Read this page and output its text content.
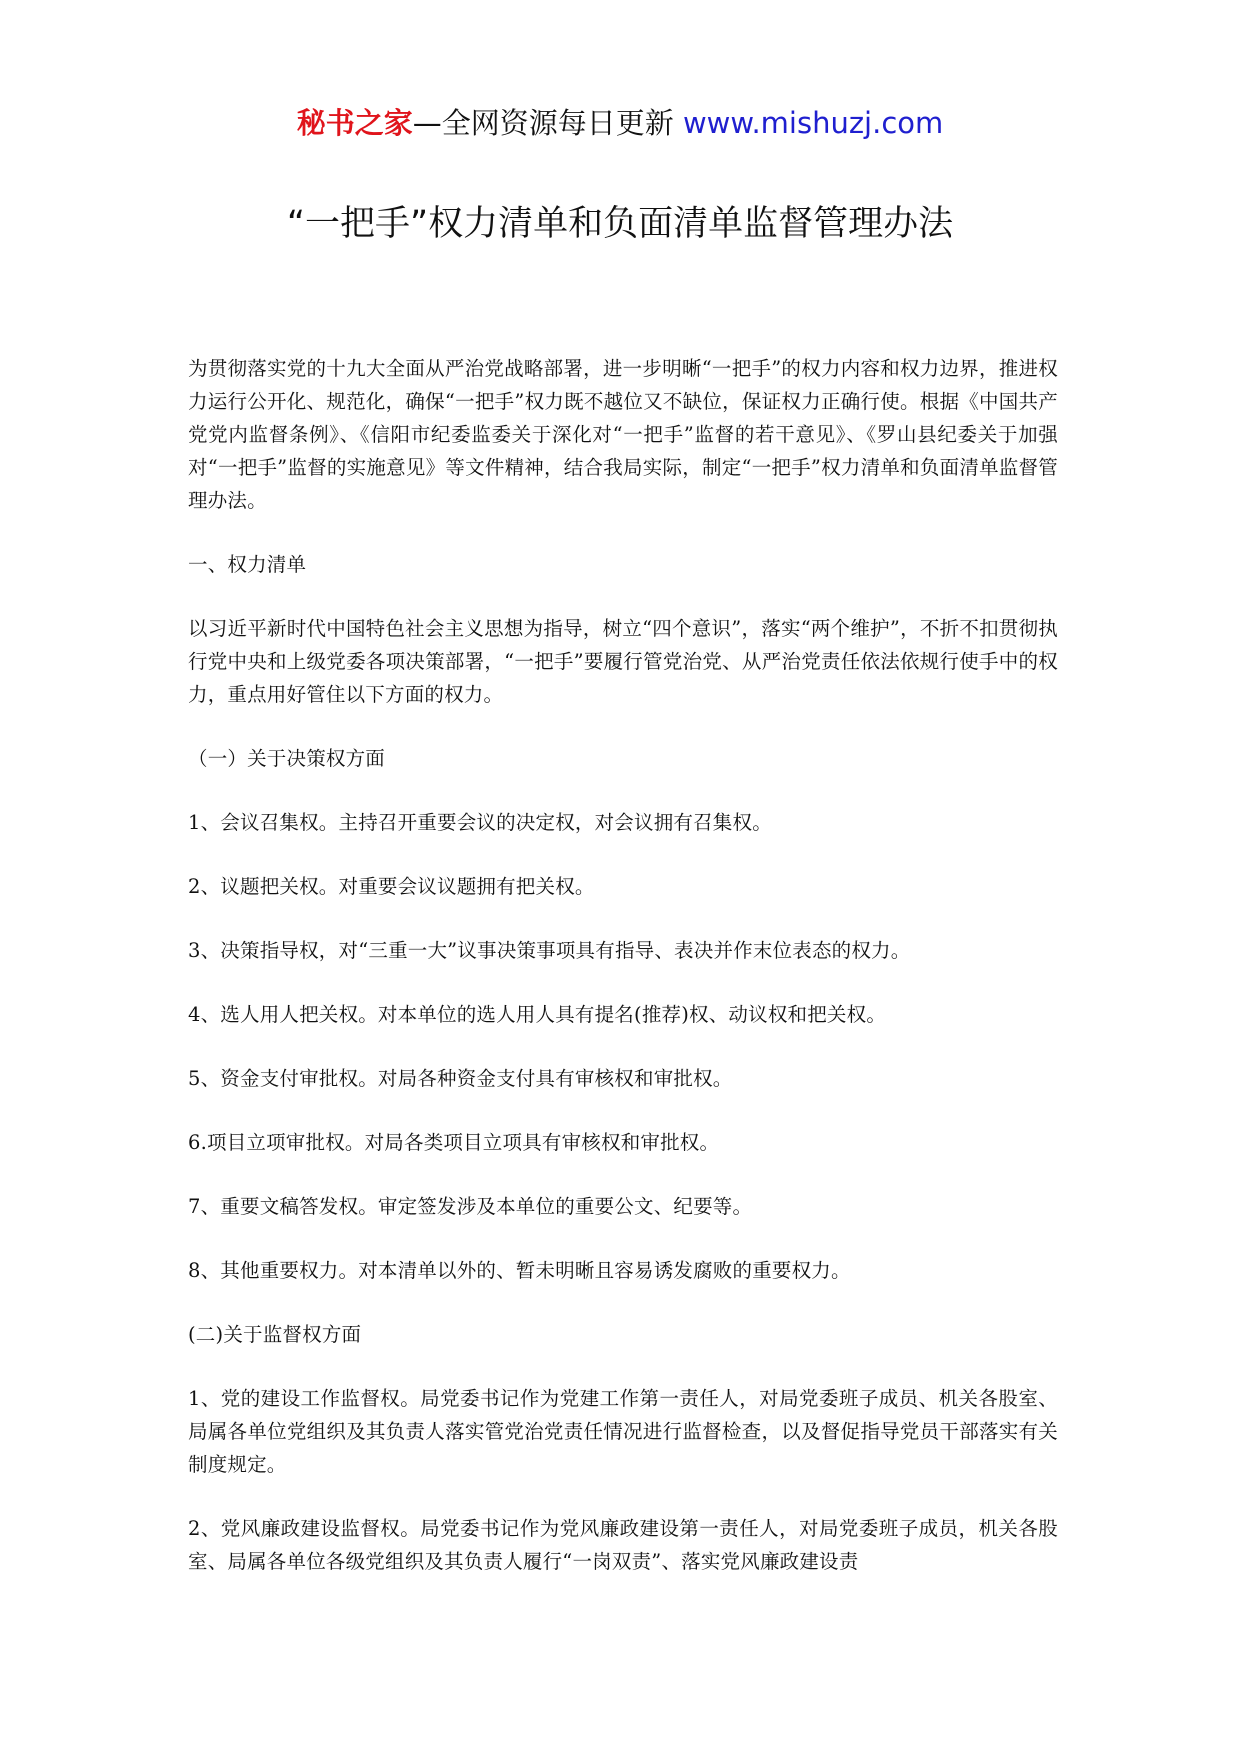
秘书之家—全网资源每日更新 www.mishuzj.com
“一把手”权力清单和负面清单监督管理办法

为贯彻落实党的十九大全面从严治党战略部署，进一步明晰“一把手”的权力内容和权力边界，推进权力运行公开化、规范化，确保“一把手”权力既不越位又不缺位，保证权力正确行使。根据《中国共产党党内监督条例》、《信阳市纪委监委关于深化对“一把手”监督的若干意见》、《罗山县纪委关于加强对“一把手”监督的实施意见》等文件精神，结合我局实际，制定“一把手”权力清单和负面清单监督管理办法。

一、权力清单

以习近平新时代中国特色社会主义思想为指导，树立“四个意识”，落实“两个维护”，不折不扣贯彻执行党中央和上级党委各项决策部署，“一把手”要履行管党治党、从严治党责任依法依规行使手中的权力，重点用好管住以下方面的权力。

（一）关于决策权方面

1、会议召集权。主持召开重要会议的决定权，对会议拥有召集权。

2、议题把关权。对重要会议议题拥有把关权。

3、决策指导权，对“三重一大”议事决策事项具有指导、表决并作末位表态的权力。

4、选人用人把关权。对本单位的选人用人具有提名(推荐)权、动议权和把关权。

5、资金支付审批权。对局各种资金支付具有审核权和审批权。

6.项目立项审批权。对局各类项目立项具有审核权和审批权。

7、重要文稿答发权。审定签发涉及本单位的重要公文、纪要等。

8、其他重要权力。对本清单以外的、暂未明晰且容易诱发腐败的重要权力。

(二)关于监督权方面

1、党的建设工作监督权。局党委书记作为党建工作第一责任人，对局党委班子成员、机关各股室、局属各单位党组织及其负责人落实管党治党责任情况进行监督检查，以及督促指导党员干部落实有关制度规定。

2、党风廉政建设监督权。局党委书记作为党风廉政建设第一责任人，对局党委班子成员，机关各股室、局属各单位各级党组织及其负责人履行“一岗双责”、落实党风廉政建设责
